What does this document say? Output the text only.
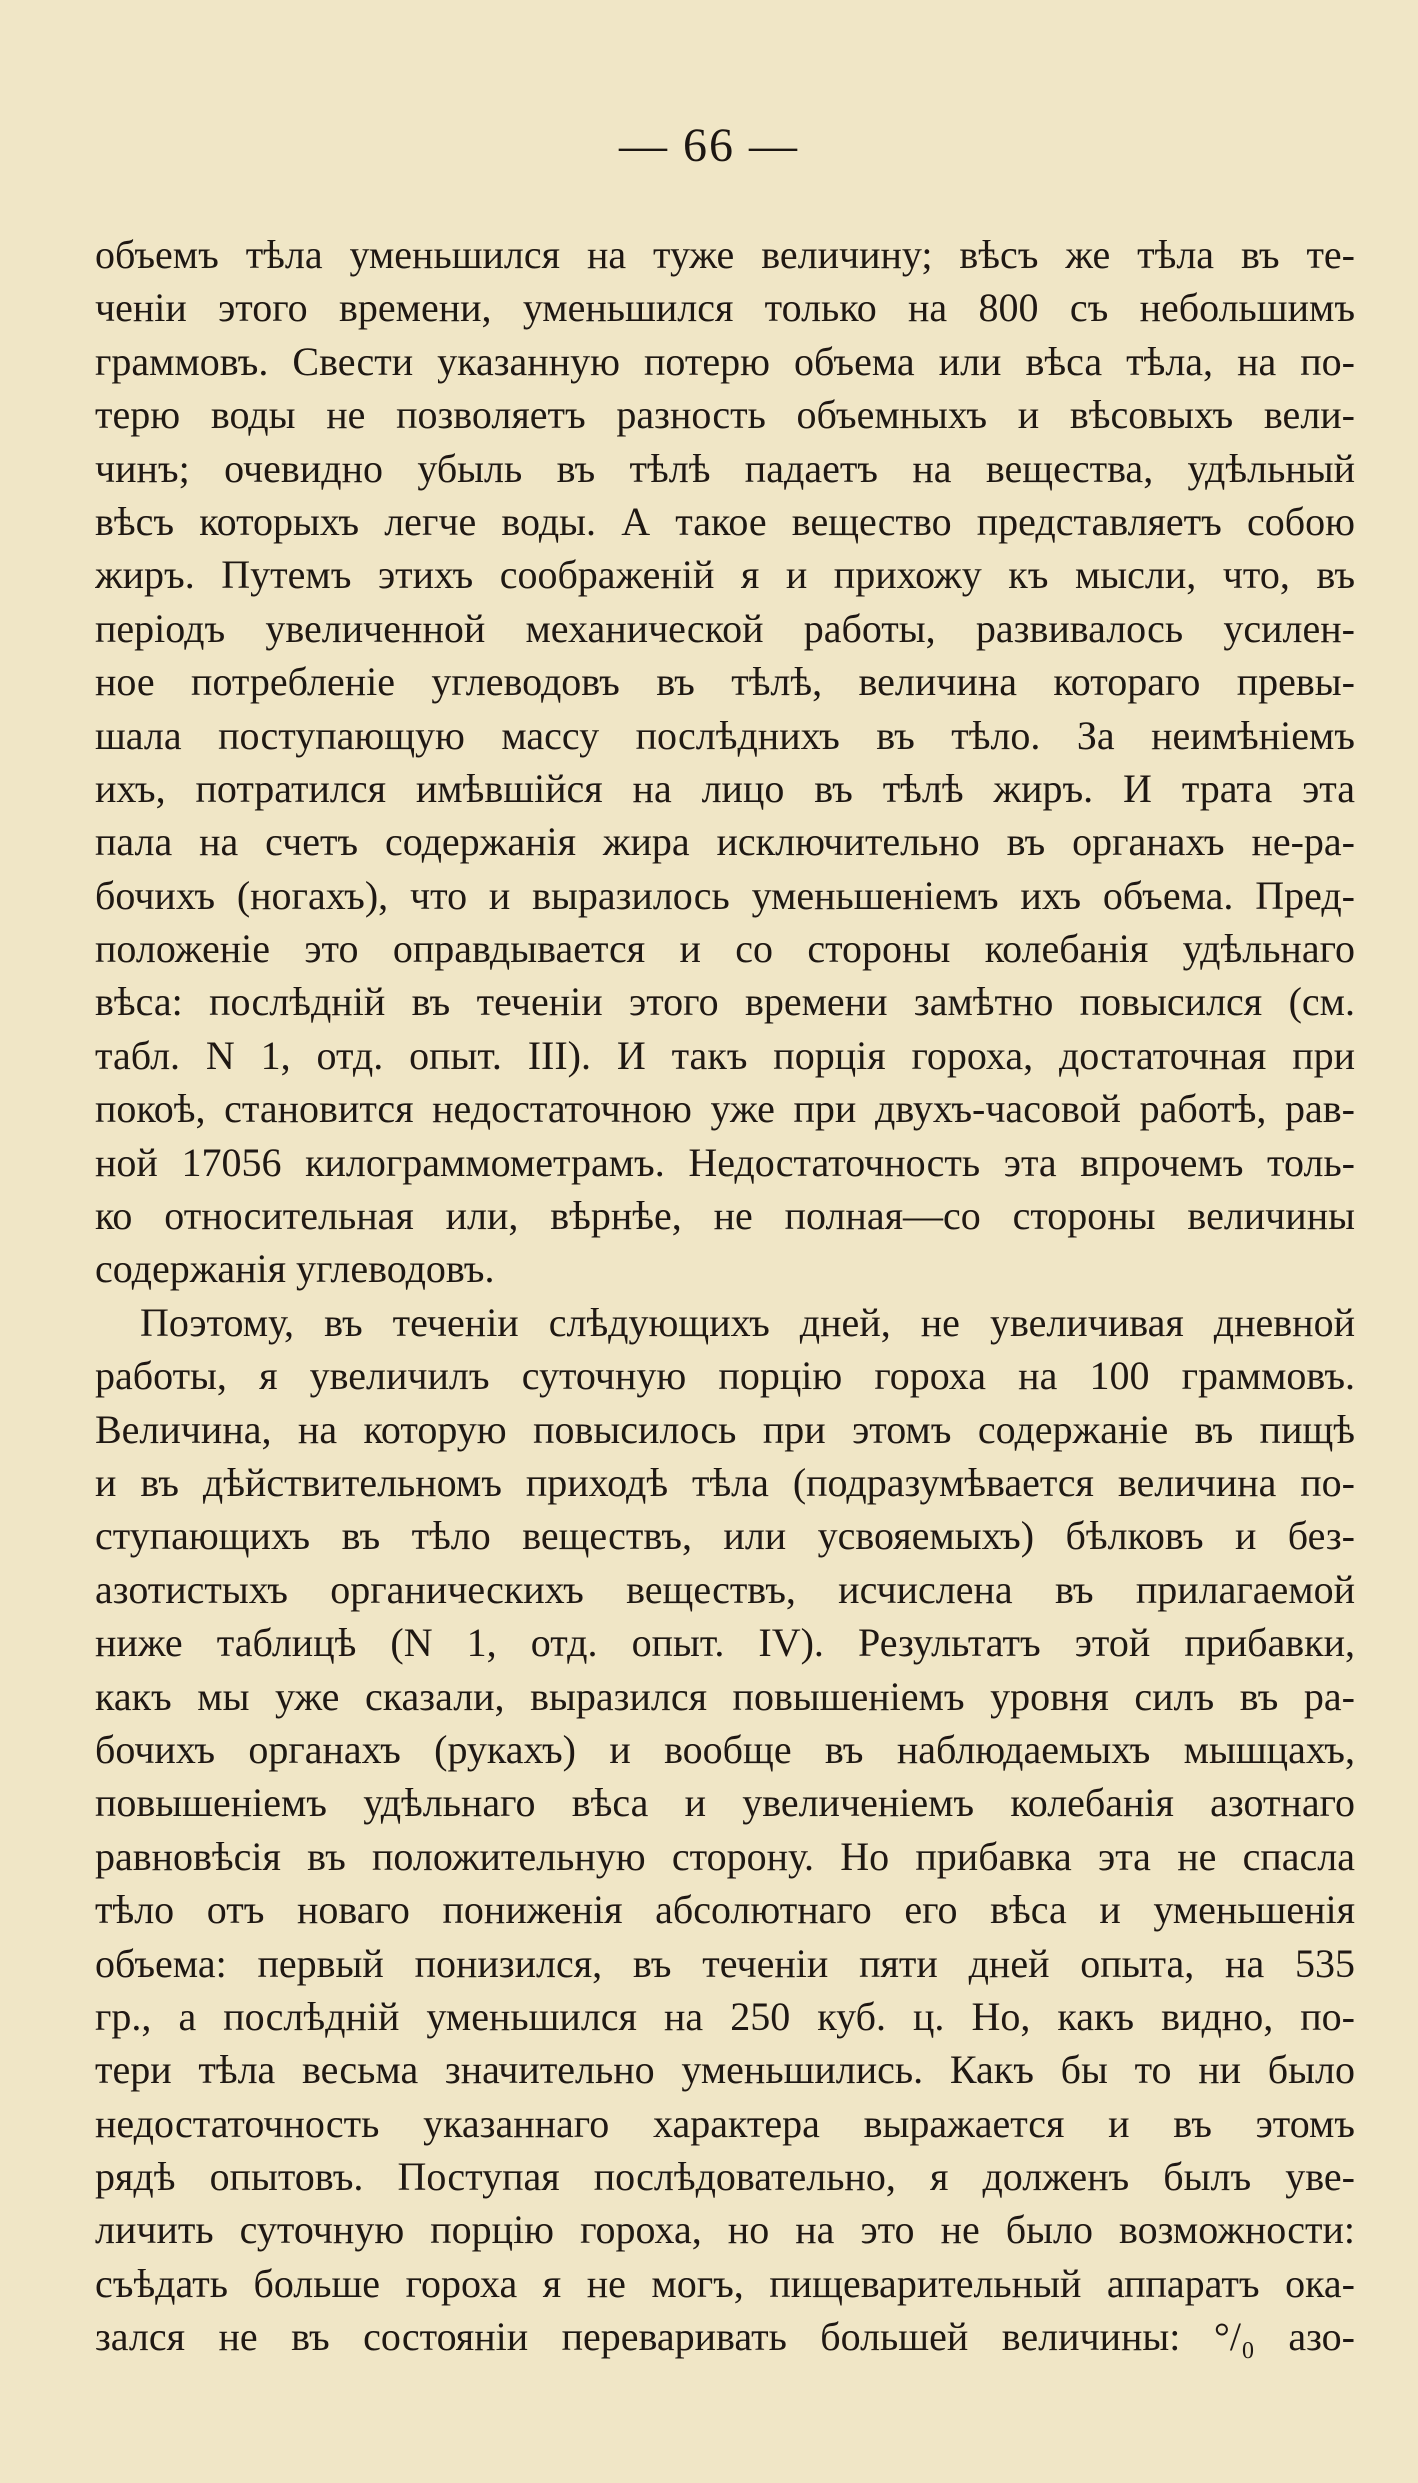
— 66 —
объемъ тѣла уменьшился на туже величину; вѣсъ же тѣла въ те-
ченіи этого времени, уменьшился только на 800 съ небольшимъ
граммовъ. Свести указанную потерю объема или вѣса тѣла, на по-
терю воды не позволяетъ разность объемныхъ и вѣсовыхъ вели-
чинъ; очевидно убыль въ тѣлѣ падаетъ на вещества, удѣльный
вѣсъ которыхъ легче воды. А такое вещество представляетъ собою
жиръ. Путемъ этихъ соображеній я и прихожу къ мысли, что, въ
періодъ увеличенной механической работы, развивалось усилен-
ное потребленіе углеводовъ въ тѣлѣ, величина котораго превы-
шала поступающую массу послѣднихъ въ тѣло. За неимѣніемъ
ихъ, потратился имѣвшійся на лицо въ тѣлѣ жиръ. И трата эта
пала на счетъ содержанія жира исключительно въ органахъ не-ра-
бочихъ (ногахъ), что и выразилось уменьшеніемъ ихъ объема. Пред-
положеніе это оправдывается и со стороны колебанія удѣльнаго
вѣса: послѣдній въ теченіи этого времени замѣтно повысился (см.
табл. N 1, отд. опыт. III). И такъ порція гороха, достаточная при
покоѣ, становится недостаточною уже при двухъ-часовой работѣ, рав-
ной 17056 килограммометрамъ. Недостаточность эта впрочемъ толь-
ко относительная или, вѣрнѣе, не полная—со стороны величины
содержанія углеводовъ.
Поэтому, въ теченіи слѣдующихъ дней, не увеличивая дневной
работы, я увеличилъ суточную порцію гороха на 100 граммовъ.
Величина, на которую повысилось при этомъ содержаніе въ пищѣ
и въ дѣйствительномъ приходѣ тѣла (подразумѣвается величина по-
ступающихъ въ тѣло веществъ, или усвояемыхъ) бѣлковъ и без-
азотистыхъ органическихъ веществъ, исчислена въ прилагаемой
ниже таблицѣ (N 1, отд. опыт. IV). Результатъ этой прибавки,
какъ мы уже сказали, выразился повышеніемъ уровня силъ въ ра-
бочихъ органахъ (рукахъ) и вообще въ наблюдаемыхъ мышцахъ,
повышеніемъ удѣльнаго вѣса и увеличеніемъ колебанія азотнаго
равновѣсія въ положительную сторону. Но прибавка эта не спасла
тѣло отъ новаго пониженія абсолютнаго его вѣса и уменьшенія
объема: первый понизился, въ теченіи пяти дней опыта, на 535
гр., а послѣдній уменьшился на 250 куб. ц. Но, какъ видно, по-
тери тѣла весьма значительно уменьшились. Какъ бы то ни было
недостаточность указаннаго характера выражается и въ этомъ
рядѣ опытовъ. Поступая послѣдовательно, я долженъ былъ уве-
личить суточную порцію гороха, но на это не было возможности:
съѣдать больше гороха я не могъ, пищеварительный аппаратъ ока-
зался не въ состояніи переваривать большей величины: °/₀ азо-
